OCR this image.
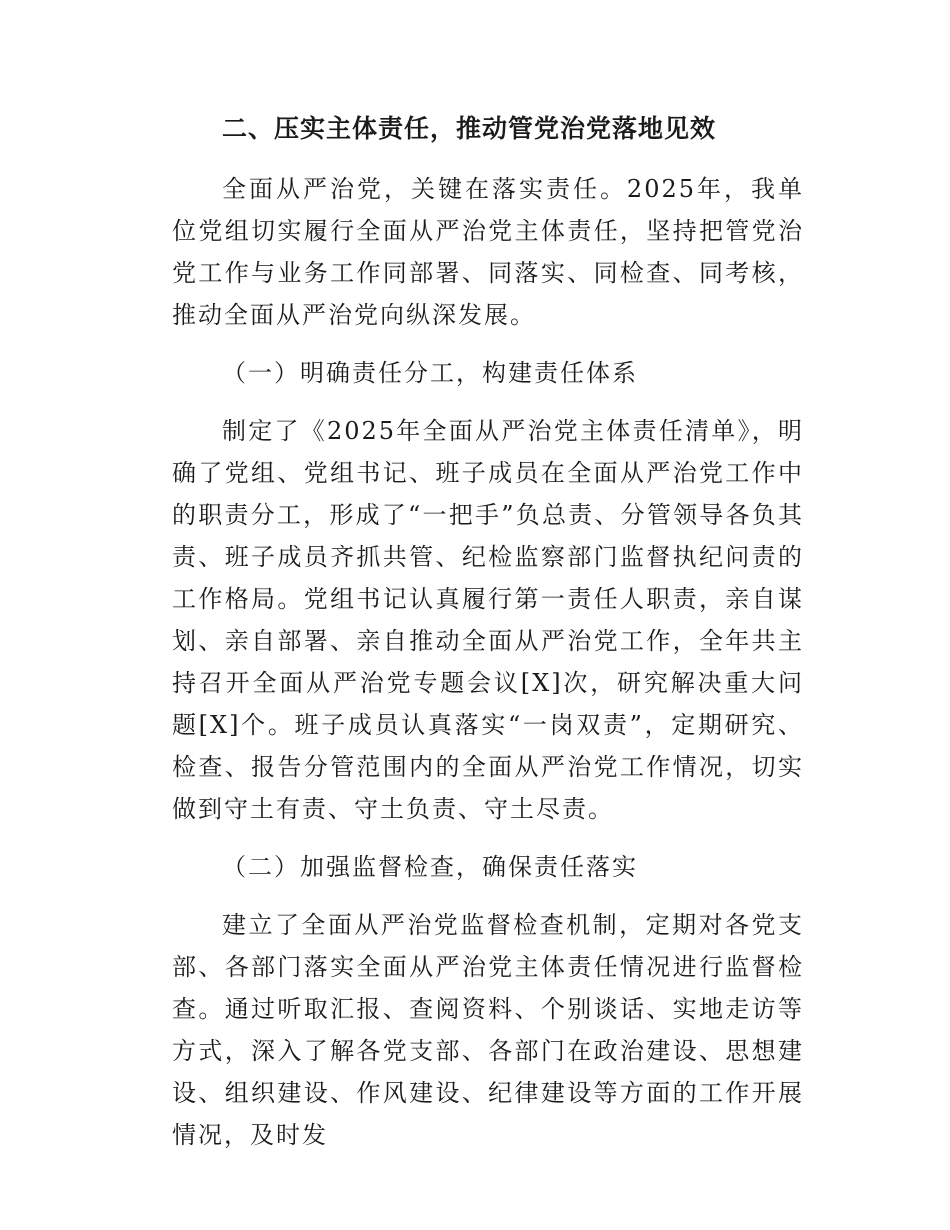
二、压实主体责任，推动管党治党落地见效
全面从严治党，关键在落实责任。2025年，我单位党组切实履行全面从严治党主体责任，坚持把管党治党工作与业务工作同部署、同落实、同检查、同考核，推动全面从严治党向纵深发展。
（一）明确责任分工，构建责任体系
制定了《2025年全面从严治党主体责任清单》，明确了党组、党组书记、班子成员在全面从严治党工作中的职责分工，形成了“一把手”负总责、分管领导各负其责、班子成员齐抓共管、纪检监察部门监督执纪问责的工作格局。党组书记认真履行第一责任人职责，亲自谋划、亲自部署、亲自推动全面从严治党工作，全年共主持召开全面从严治党专题会议[X]次，研究解决重大问题[X]个。班子成员认真落实“一岗双责”，定期研究、检查、报告分管范围内的全面从严治党工作情况，切实做到守土有责、守土负责、守土尽责。
（二）加强监督检查，确保责任落实
建立了全面从严治党监督检查机制，定期对各党支部、各部门落实全面从严治党主体责任情况进行监督检查。通过听取汇报、查阅资料、个别谈话、实地走访等方式，深入了解各党支部、各部门在政治建设、思想建设、组织建设、作风建设、纪律建设等方面的工作开展情况，及时发
